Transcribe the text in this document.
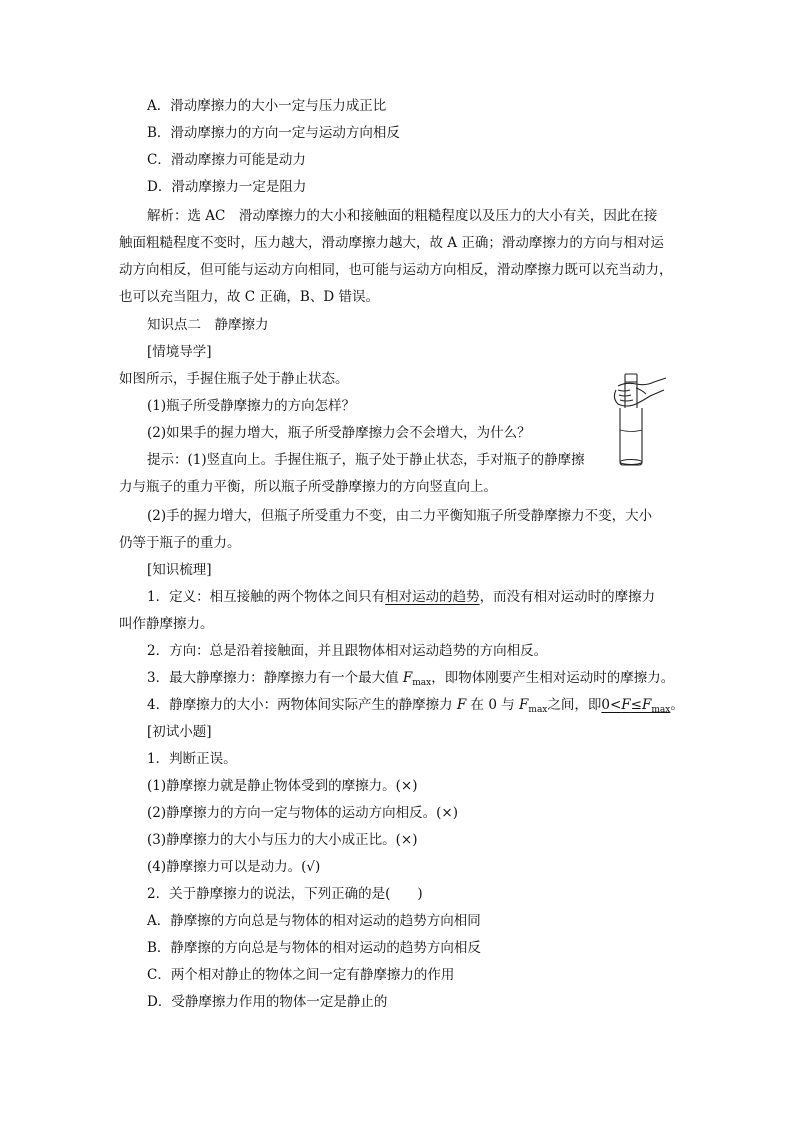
A．滑动摩擦力的大小一定与压力成正比
B．滑动摩擦力的方向一定与运动方向相反
C．滑动摩擦力可能是动力
D．滑动摩擦力一定是阻力
解析：选 AC　滑动摩擦力的大小和接触面的粗糙程度以及压力的大小有关，因此在接
触面粗糙程度不变时，压力越大，滑动摩擦力越大，故 A 正确；滑动摩擦力的方向与相对运
动方向相反，但可能与运动方向相同，也可能与运动方向相反，滑动摩擦力既可以充当动力，
也可以充当阻力，故 C 正确，B、D 错误。
知识点二　静摩擦力
[情境导学]
如图所示，手握住瓶子处于静止状态。
(1)瓶子所受静摩擦力的方向怎样？
(2)如果手的握力增大，瓶子所受静摩擦力会不会增大，为什么？
提示：(1)竖直向上。手握住瓶子，瓶子处于静止状态，手对瓶子的静摩擦
力与瓶子的重力平衡，所以瓶子所受静摩擦力的方向竖直向上。
(2)手的握力增大，但瓶子所受重力不变，由二力平衡知瓶子所受静摩擦力不变，大小
仍等于瓶子的重力。
[知识梳理]
1．定义：相互接触的两个物体之间只有相对运动的趋势，而没有相对运动时的摩擦力
叫作静摩擦力。
2．方向：总是沿着接触面，并且跟物体相对运动趋势的方向相反。
3．最大静摩擦力：静摩擦力有一个最大值 $F_{max}$，即物体刚要产生相对运动时的摩擦力。
4．静摩擦力的大小：两物体间实际产生的静摩擦力 F 在 0 与 $F_{max}$之间，即$0<F\le F_{max}$。
[初试小题]
1．判断正误。
(1)静摩擦力就是静止物体受到的摩擦力。(×)
(2)静摩擦力的方向一定与物体的运动方向相反。(×)
(3)静摩擦力的大小与压力的大小成正比。(×)
(4)静摩擦力可以是动力。(√)
2．关于静摩擦力的说法，下列正确的是(　　)
A．静摩擦的方向总是与物体的相对运动的趋势方向相同
B．静摩擦的方向总是与物体的相对运动的趋势方向相反
C．两个相对静止的物体之间一定有静摩擦力的作用
D．受静摩擦力作用的物体一定是静止的
